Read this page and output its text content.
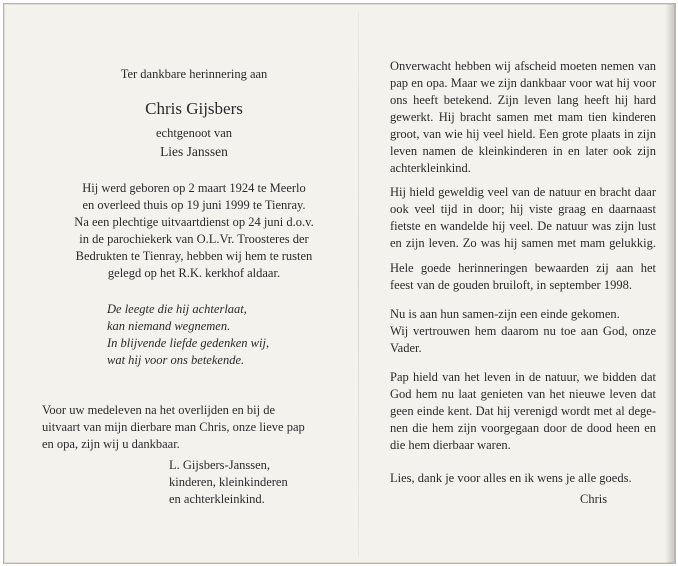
Ter dankbare herinnering aan
Chris Gijsbers
echtgenoot van
Lies Janssen
Hij werd geboren op 2 maart 1924 te Meerlo
en overleed thuis op 19 juni 1999 te Tienray.
Na een plechtige uitvaartdienst op 24 juni d.o.v.
in de parochiekerk van O.L.Vr. Troosteres der
Bedrukten te Tienray, hebben wij hem te rusten
gelegd op het R.K. kerkhof aldaar.
De leegte die hij achterlaat,
kan niemand wegnemen.
In blijvende liefde gedenken wij,
wat hij voor ons betekende.
Voor uw medeleven na het overlijden en bij de
uitvaart van mijn dierbare man Chris, onze lieve pap
en opa, zijn wij u dankbaar.
L. Gijsbers-Janssen,
kinderen, kleinkinderen
en achterkleinkind.
Onverwacht hebben wij afscheid moeten nemen van
pap en opa. Maar we zijn dankbaar voor wat hij voor
ons heeft betekend. Zijn leven lang heeft hij hard
gewerkt. Hij bracht samen met mam tien kinderen
groot, van wie hij veel hield. Een grote plaats in zijn
leven namen de kleinkinderen in en later ook zijn
achterkleinkind.
Hij hield geweldig veel van de natuur en bracht daar
ook veel tijd in door; hij viste graag en daarnaast
fietste en wandelde hij veel. De natuur was zijn lust
en zijn leven. Zo was hij samen met mam gelukkig.
Hele goede herinneringen bewaarden zij aan het
feest van de gouden bruiloft, in september 1998.
Nu is aan hun samen-zijn een einde gekomen.
Wij vertrouwen hem daarom nu toe aan God, onze
Vader.
Pap hield van het leven in de natuur, we bidden dat
God hem nu laat genieten van het nieuwe leven dat
geen einde kent. Dat hij verenigd wordt met al dege-
nen die hem zijn voorgegaan door de dood heen en
die hem dierbaar waren.
Lies, dank je voor alles en ik wens je alle goeds.
Chris
